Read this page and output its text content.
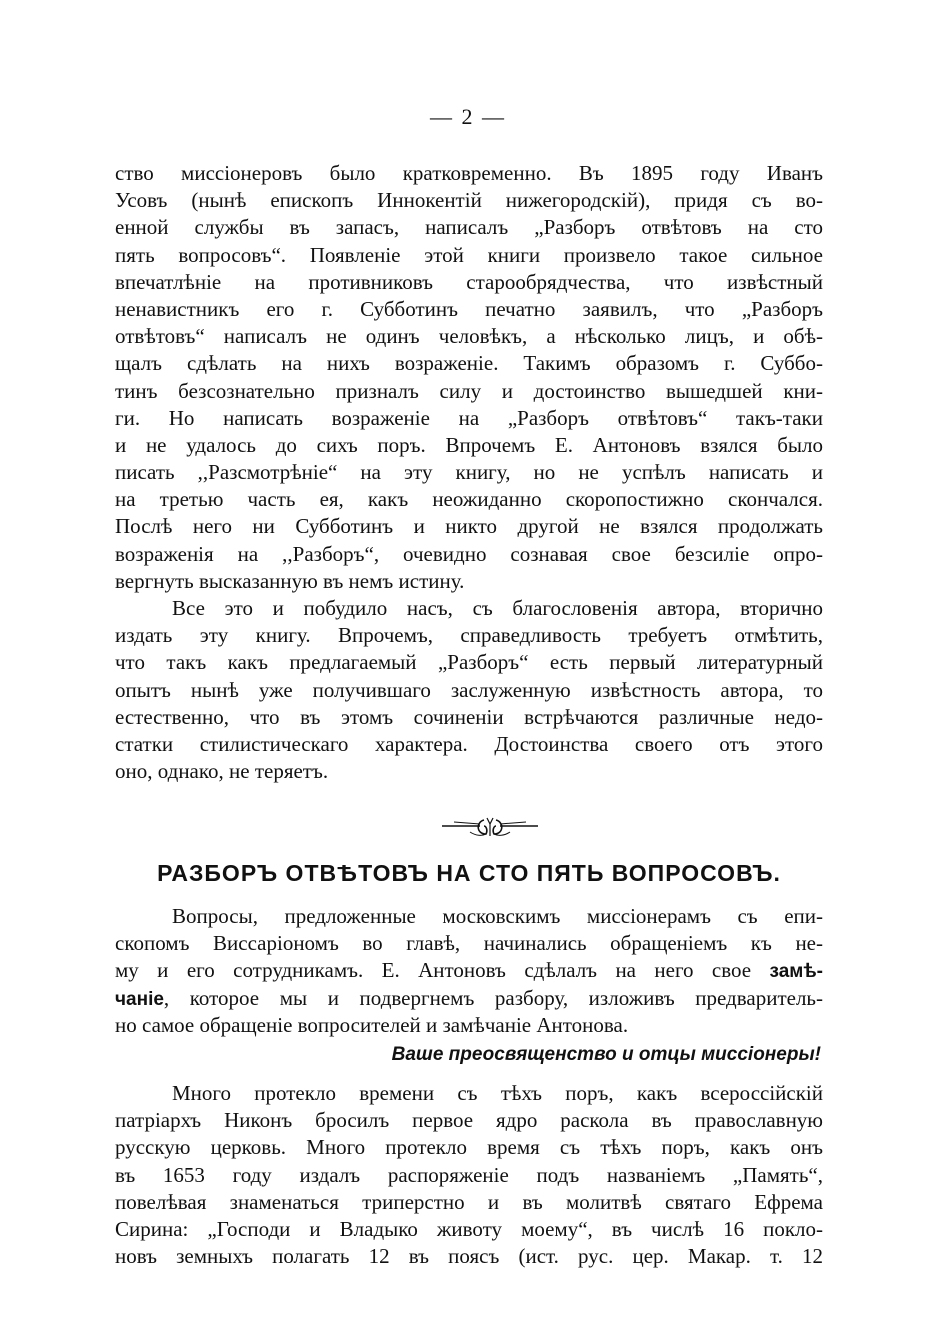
— 2 —
ство миссіонеровъ было кратковременно. Въ 1895 году Иванъ
Усовъ (нынѣ епископъ Иннокентій нижегородскій), придя съ во-
енной службы въ запасъ, написалъ „Разборъ отвѣтовъ на сто
пять вопросовъ“. Появленіе этой книги произвело такое сильное
впечатлѣніе на противниковъ старообрядчества, что извѣстный
ненавистникъ его г. Субботинъ печатно заявилъ, что „Разборъ
отвѣтовъ“ написалъ не одинъ человѣкъ, а нѣсколько лицъ, и обѣ-
щалъ сдѣлать на нихъ возраженіе. Такимъ образомъ г. Суббо-
тинъ безсознательно призналъ силу и достоинство вышедшей кни-
ги. Но написать возраженіе на „Разборъ отвѣтовъ“ такъ-таки
и не удалось до сихъ поръ. Впрочемъ Е. Антоновъ взялся было
писать ,,Разсмотрѣніе“ на эту книгу, но не успѣлъ написать и
на третью часть ея, какъ неожиданно скоропостижно скончался.
Послѣ него ни Субботинъ и никто другой не взялся продолжать
возраженія на ,,Разборъ“, очевидно сознавая свое безсиліе опро-
вергнуть высказанную въ немъ истину.
Все это и побудило насъ, съ благословенія автора, вторично
издать эту книгу. Впрочемъ, справедливость требуетъ отмѣтить,
что такъ какъ предлагаемый „Разборъ“ есть первый литературный
опытъ нынѣ уже получившаго заслуженную извѣстность автора, то
естественно, что въ этомъ сочиненіи встрѣчаются различные недо-
статки стилистическаго характера. Достоинства своего отъ этого
оно, однако, не теряетъ.
РАЗБОРЪ ОТВѢТОВЪ НА СТО ПЯТЬ ВОПРОСОВЪ.
Вопросы, предложенные московскимъ миссіонерамъ съ епи-
скопомъ Виссаріономъ во главѣ, начинались обращеніемъ къ не-
му и его сотрудникамъ. Е. Антоновъ сдѣлалъ на него свое замѣ-
чаніе, которое мы и подвергнемъ разбору, изложивъ предваритель-
но самое обращеніе вопросителей и замѣчаніе Антонова.
Ваше преосвященство и отцы миссіонеры!
Много протекло времени съ тѣхъ поръ, какъ всероссійскій
патріархъ Никонъ бросилъ первое ядро раскола въ православную
русскую церковь. Много протекло время съ тѣхъ поръ, какъ онъ
въ 1653 году издалъ распоряженіе подъ названіемъ „Память“,
повелѣвая знаменаться триперстно и въ молитвѣ святаго Ефрема
Сирина: „Господи и Владыко животу моему“, въ числѣ 16 покло-
новъ земныхъ полагать 12 въ поясъ (ист. рус. цер. Макар. т. 12
